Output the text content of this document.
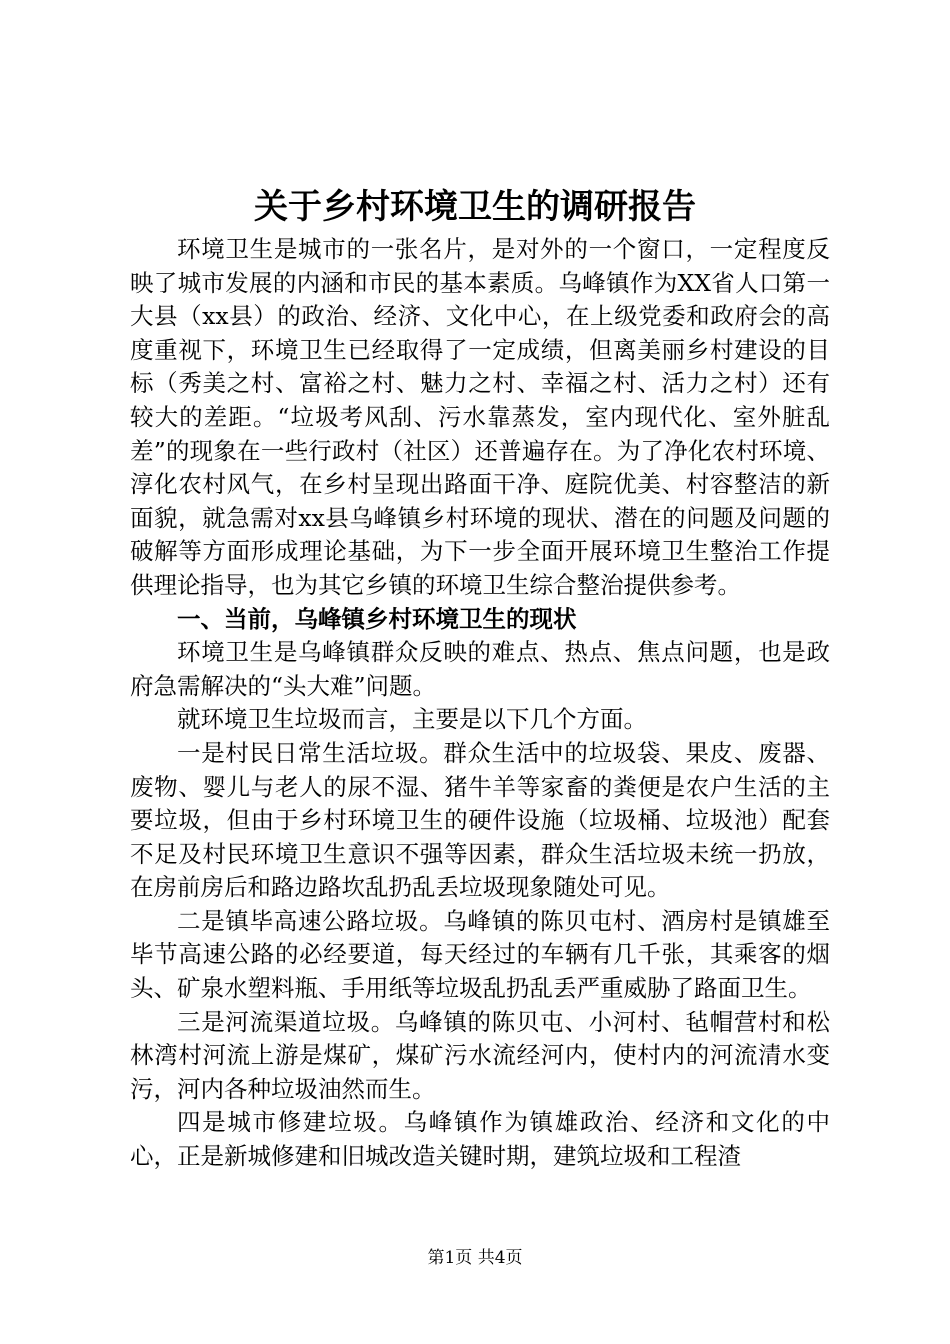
关于乡村环境卫生的调研报告

环境卫生是城市的一张名片，是对外的一个窗口，一定程度反映了城市发展的内涵和市民的基本素质。乌峰镇作为XX省人口第一大县（xx县）的政治、经济、文化中心，在上级党委和政府会的高度重视下，环境卫生已经取得了一定成绩，但离美丽乡村建设的目标（秀美之村、富裕之村、魅力之村、幸福之村、活力之村）还有较大的差距。“垃圾考风刮、污水靠蒸发，室内现代化、室外脏乱差”的现象在一些行政村（社区）还普遍存在。为了净化农村环境、淳化农村风气，在乡村呈现出路面干净、庭院优美、村容整洁的新面貌，就急需对xx县乌峰镇乡村环境的现状、潜在的问题及问题的破解等方面形成理论基础，为下一步全面开展环境卫生整治工作提供理论指导，也为其它乡镇的环境卫生综合整治提供参考。

一、当前，乌峰镇乡村环境卫生的现状

环境卫生是乌峰镇群众反映的难点、热点、焦点问题，也是政府急需解决的“头大难”问题。

就环境卫生垃圾而言，主要是以下几个方面。

一是村民日常生活垃圾。群众生活中的垃圾袋、果皮、废器、废物、婴儿与老人的尿不湿、猪牛羊等家畜的粪便是农户生活的主要垃圾，但由于乡村环境卫生的硬件设施（垃圾桶、垃圾池）配套不足及村民环境卫生意识不强等因素，群众生活垃圾未统一扔放，在房前房后和路边路坎乱扔乱丢垃圾现象随处可见。

二是镇毕高速公路垃圾。乌峰镇的陈贝屯村、酒房村是镇雄至毕节高速公路的必经要道，每天经过的车辆有几千张，其乘客的烟头、矿泉水塑料瓶、手用纸等垃圾乱扔乱丢严重威胁了路面卫生。

三是河流渠道垃圾。乌峰镇的陈贝屯、小河村、毡帽营村和松林湾村河流上游是煤矿，煤矿污水流经河内，使村内的河流清水变污，河内各种垃圾油然而生。

四是城市修建垃圾。乌峰镇作为镇雄政治、经济和文化的中心，正是新城修建和旧城改造关键时期，建筑垃圾和工程渣

第1页 共4页
